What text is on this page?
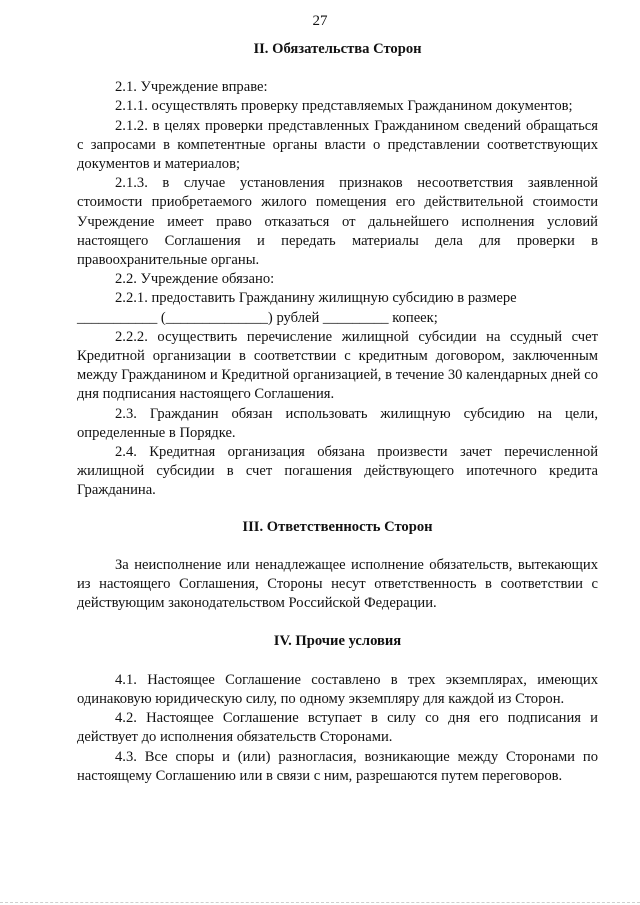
27

II. Обязательства Сторон

2.1. Учреждение вправе:

2.1.1. осуществлять проверку представляемых Гражданином документов;

2.1.2. в целях проверки представленных Гражданином сведений обращаться с запросами в компетентные органы власти о представлении соответствующих документов и материалов;

2.1.3. в случае установления признаков несоответствия заявленной стоимости приобретаемого жилого помещения его действительной стоимости Учреждение имеет право отказаться от дальнейшего исполнения условий настоящего Соглашения и передать материалы дела для проверки в правоохранительные органы.

2.2. Учреждение обязано:

2.2.1. предоставить Гражданину жилищную субсидию в размере

___________ (______________) рублей _________ копеек;

2.2.2. осуществить перечисление жилищной субсидии на ссудный счет Кредитной организации в соответствии с кредитным договором, заключенным между Гражданином и Кредитной организацией, в течение 30 календарных дней со дня подписания настоящего Соглашения.

2.3. Гражданин обязан использовать жилищную субсидию на цели, определенные в Порядке.

2.4. Кредитная организация обязана произвести зачет перечисленной жилищной субсидии в счет погашения действующего ипотечного кредита Гражданина.

III. Ответственность Сторон

За неисполнение или ненадлежащее исполнение обязательств, вытекающих из настоящего Соглашения, Стороны несут ответственность в соответствии с действующим законодательством Российской Федерации.

IV. Прочие условия

4.1. Настоящее Соглашение составлено в трех экземплярах, имеющих одинаковую юридическую силу, по одному экземпляру для каждой из Сторон.

4.2. Настоящее Соглашение вступает в силу со дня его подписания и действует до исполнения обязательств Сторонами.

4.3. Все споры и (или) разногласия, возникающие между Сторонами по настоящему Соглашению или в связи с ним, разрешаются путем переговоров.
